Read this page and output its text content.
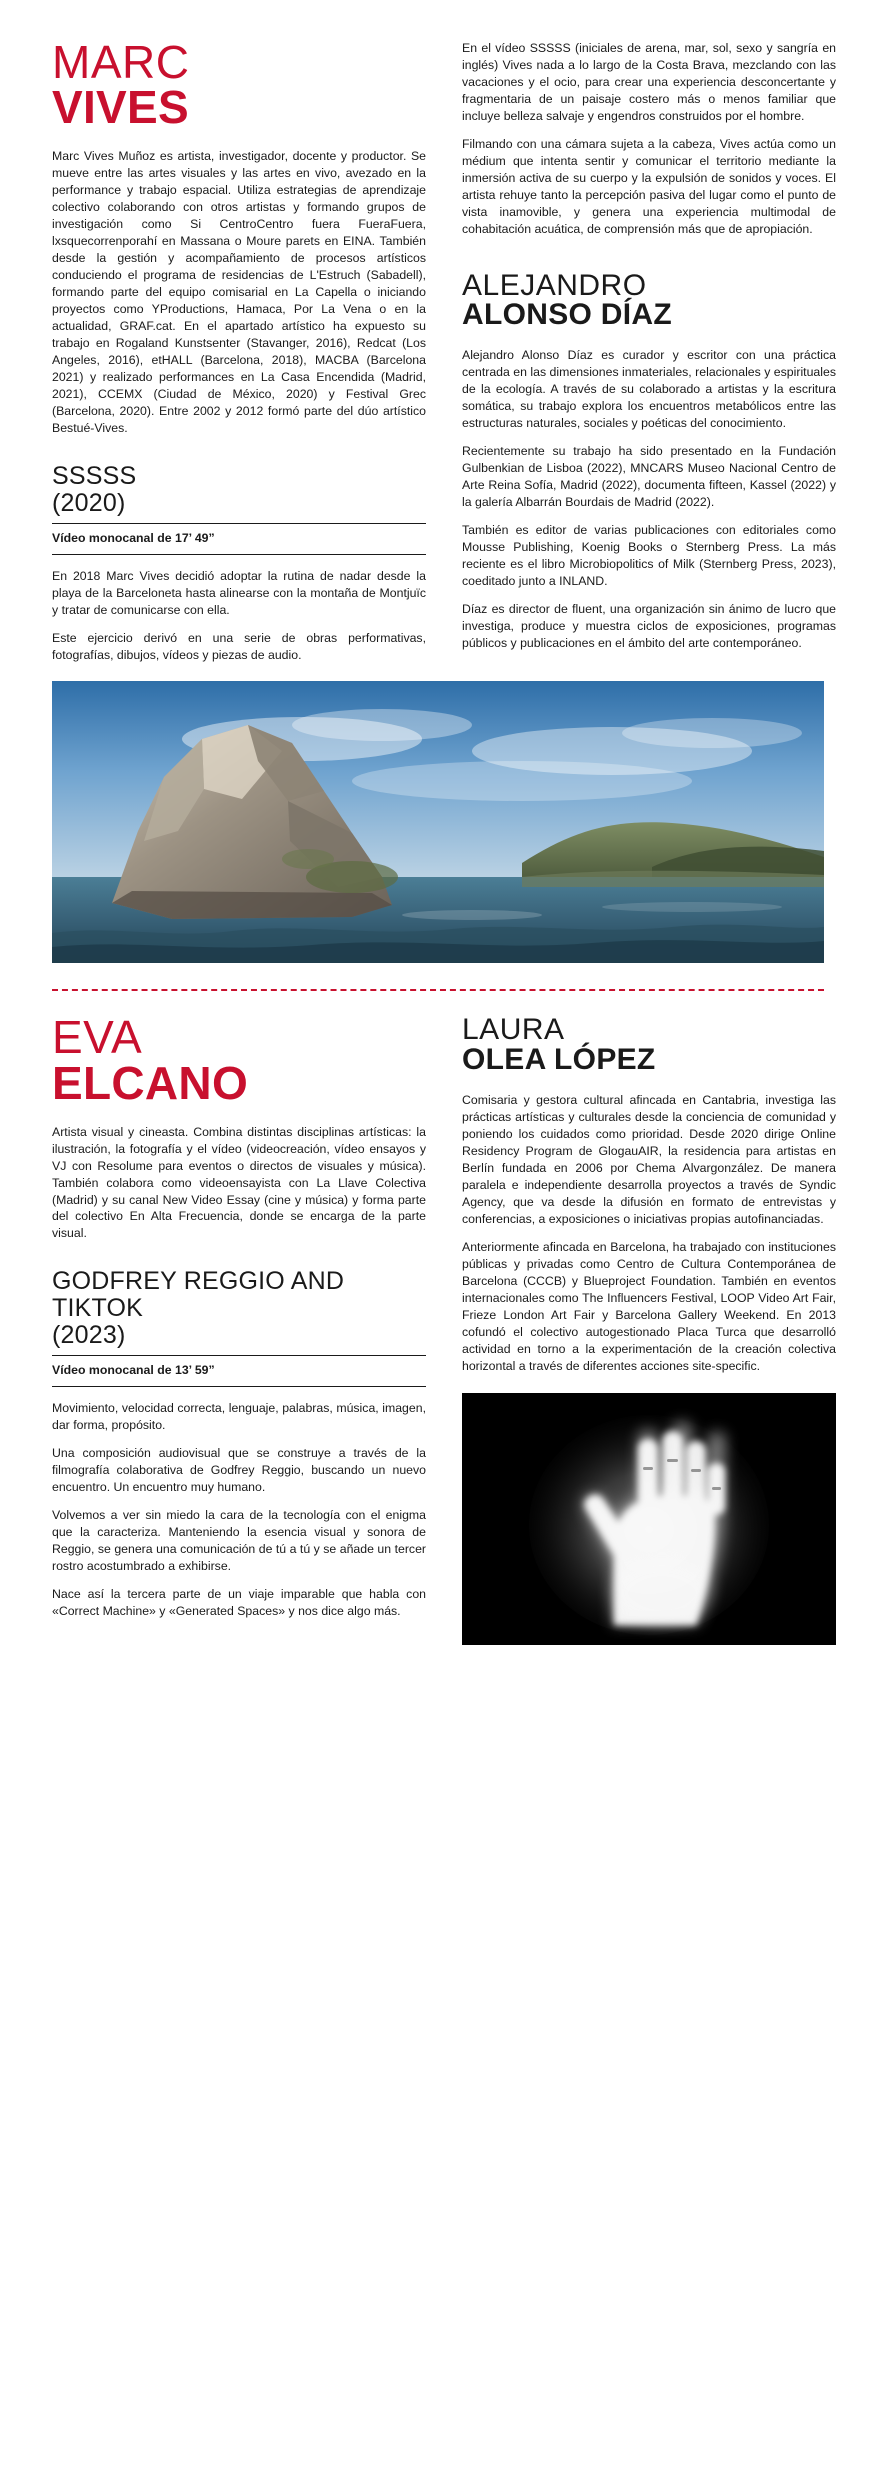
MARC
VIVES

Marc Vives Muñoz es artista, investigador, docente y productor. Se mueve entre las artes visuales y las artes en vivo, avezado en la performance y trabajo espacial. Utiliza estrategias de aprendizaje colectivo colaborando con otros artistas y formando grupos de investigación como Si CentroCentro fuera FueraFuera, lxsquecorrenporahí en Massana o Moure parets en EINA. También desde la gestión y acompañamiento de procesos artísticos conduciendo el programa de residencias de L'Estruch (Sabadell), formando parte del equipo comisarial en La Capella o iniciando proyectos como YProductions, Hamaca, Por La Vena o en la actualidad, GRAF.cat. En el apartado artístico ha expuesto su trabajo en Rogaland Kunstsenter (Stavanger, 2016), Redcat (Los Angeles, 2016), etHALL (Barcelona, 2018), MACBA (Barcelona 2021) y realizado performances en La Casa Encendida (Madrid, 2021), CCEMX (Ciudad de México, 2020) y Festival Grec (Barcelona, 2020). Entre 2002 y 2012 formó parte del dúo artístico Bestué-Vives.

SSSSS
(2020)
Vídeo monocanal de 17’ 49”

En 2018 Marc Vives decidió adoptar la rutina de nadar desde la playa de la Barceloneta hasta alinearse con la montaña de Montjuïc y tratar de comunicarse con ella.

Este ejercicio derivó en una serie de obras performativas, fotografías, dibujos, vídeos y piezas de audio.

En el vídeo SSSSS (iniciales de arena, mar, sol, sexo y sangría en inglés) Vives nada a lo largo de la Costa Brava, mezclando con las vacaciones y el ocio, para crear una experiencia desconcertante y fragmentaria de un paisaje costero más o menos familiar que incluye belleza salvaje y engendros construidos por el hombre.

Filmando con una cámara sujeta a la cabeza, Vives actúa como un médium que intenta sentir y comunicar el territorio mediante la inmersión activa de su cuerpo y la expulsión de sonidos y voces. El artista rehuye tanto la percepción pasiva del lugar como el punto de vista inamovible, y genera una experiencia multimodal de cohabitación acuática, de comprensión más que de apropiación.

ALEJANDRO
ALONSO DÍAZ

Alejandro Alonso Díaz es curador y escritor con una práctica centrada en las dimensiones inmateriales, relacionales y espirituales de la ecología. A través de su colaborado a artistas y la escritura somática, su trabajo explora los encuentros metabólicos entre las estructuras naturales, sociales y poéticas del conocimiento.

Recientemente su trabajo ha sido presentado en la Fundación Gulbenkian de Lisboa (2022), MNCARS Museo Nacional Centro de Arte Reina Sofía, Madrid (2022), documenta fifteen, Kassel (2022) y la galería Albarrán Bourdais de Madrid (2022).

También es editor de varias publicaciones con editoriales como Mousse Publishing, Koenig Books o Sternberg Press. La más reciente es el libro Microbiopolitics of Milk (Sternberg Press, 2023), coeditado junto a INLAND.

Díaz es director de fluent, una organización sin ánimo de lucro que investiga, produce y muestra ciclos de exposiciones, programas públicos y publicaciones en el ámbito del arte contemporáneo.

EVA
ELCANO

Artista visual y cineasta. Combina distintas disciplinas artísticas: la ilustración, la fotografía y el vídeo (videocreación, vídeo ensayos y VJ con Resolume para eventos o directos de visuales y música). También colabora como videoensayista con La Llave Colectiva (Madrid) y su canal New Video Essay (cine y música) y forma parte del colectivo En Alta Frecuencia, donde se encarga de la parte visual.

GODFREY REGGIO AND TIKTOK
(2023)
Vídeo monocanal de 13’ 59”

Movimiento, velocidad correcta, lenguaje, palabras, música, imagen, dar forma, propósito.

Una composición audiovisual que se construye a través de la filmografía colaborativa de Godfrey Reggio, buscando un nuevo encuentro. Un encuentro muy humano.

Volvemos a ver sin miedo la cara de la tecnología con el enigma que la caracteriza. Manteniendo la esencia visual y sonora de Reggio, se genera una comunicación de tú a tú y se añade un tercer rostro acostumbrado a exhibirse.

Nace así la tercera parte de un viaje imparable que habla con «Correct Machine» y «Generated Spaces» y nos dice algo más.

LAURA
OLEA LÓPEZ

Comisaria y gestora cultural afincada en Cantabria, investiga las prácticas artísticas y culturales desde la conciencia de comunidad y poniendo los cuidados como prioridad. Desde 2020 dirige Online Residency Program de GlogauAIR, la residencia para artistas en Berlín fundada en 2006 por Chema Alvargonzález. De manera paralela e independiente desarrolla proyectos a través de Syndic Agency, que va desde la difusión en formato de entrevistas y conferencias, a exposiciones o iniciativas propias autofinanciadas.

Anteriormente afincada en Barcelona, ha trabajado con instituciones públicas y privadas como Centro de Cultura Contemporánea de Barcelona (CCCB) y Blueproject Foundation. También en eventos internacionales como The Influencers Festival, LOOP Video Art Fair, Frieze London Art Fair y Barcelona Gallery Weekend. En 2013 cofundó el colectivo autogestionado Placa Turca que desarrolló actividad en torno a la experimentación de la creación colectiva horizontal a través de diferentes acciones site-specific.
